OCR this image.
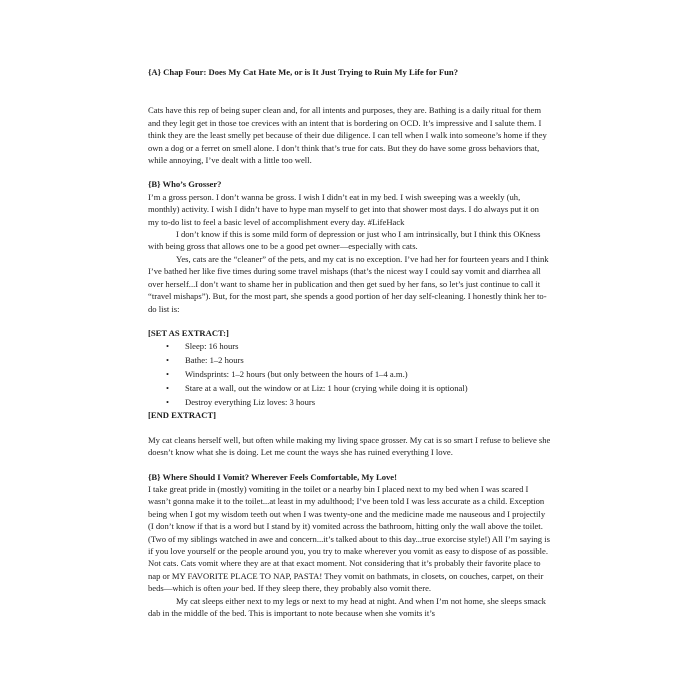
{A} Chap Four: Does My Cat Hate Me, or is It Just Trying to Ruin My Life for Fun?

Cats have this rep of being super clean and, for all intents and purposes, they are. Bathing is a daily ritual for them and they legit get in those toe crevices with an intent that is bordering on OCD. It’s impressive and I salute them. I think they are the least smelly pet because of their due diligence. I can tell when I walk into someone’s home if they own a dog or a ferret on smell alone. I don’t think that’s true for cats. But they do have some gross behaviors that, while annoying, I’ve dealt with a little too well.

{B} Who’s Grosser?

I’m a gross person. I don’t wanna be gross. I wish I didn’t eat in my bed. I wish sweeping was a weekly (uh, monthly) activity. I wish I didn’t have to hype man myself to get into that shower most days. I do always put it on my to-do list to feel a basic level of accomplishment every day. #LifeHack

I don’t know if this is some mild form of depression or just who I am intrinsically, but I think this OKness with being gross that allows one to be a good pet owner—especially with cats.

Yes, cats are the “cleaner” of the pets, and my cat is no exception. I’ve had her for fourteen years and I think I’ve bathed her like five times during some travel mishaps (that’s the nicest way I could say vomit and diarrhea all over herself...I don’t want to shame her in publication and then get sued by her fans, so let’s just continue to call it “travel mishaps”). But, for the most part, she spends a good portion of her day self-cleaning. I honestly think her to-do list is:

[SET AS EXTRACT:]

• Sleep: 16 hours
• Bathe: 1–2 hours
• Windsprints: 1–2 hours (but only between the hours of 1–4 a.m.)
• Stare at a wall, out the window or at Liz: 1 hour (crying while doing it is optional)
• Destroy everything Liz loves: 3 hours

[END EXTRACT]

My cat cleans herself well, but often while making my living space grosser. My cat is so smart I refuse to believe she doesn’t know what she is doing. Let me count the ways she has ruined everything I love.

{B} Where Should I Vomit? Wherever Feels Comfortable, My Love!

I take great pride in (mostly) vomiting in the toilet or a nearby bin I placed next to my bed when I was scared I wasn’t gonna make it to the toilet...at least in my adulthood; I’ve been told I was less accurate as a child. Exception being when I got my wisdom teeth out when I was twenty-one and the medicine made me nauseous and I projectily (I don’t know if that is a word but I stand by it) vomited across the bathroom, hitting only the wall above the toilet. (Two of my siblings watched in awe and concern...it’s talked about to this day...true exorcise style!) All I’m saying is if you love yourself or the people around you, you try to make wherever you vomit as easy to dispose of as possible. Not cats. Cats vomit where they are at that exact moment. Not considering that it’s probably their favorite place to nap or MY FAVORITE PLACE TO NAP, PASTA! They vomit on bathmats, in closets, on couches, carpet, on their beds—which is often your bed. If they sleep there, they probably also vomit there.

My cat sleeps either next to my legs or next to my head at night. And when I’m not home, she sleeps smack dab in the middle of the bed. This is important to note because when she vomits it’s
